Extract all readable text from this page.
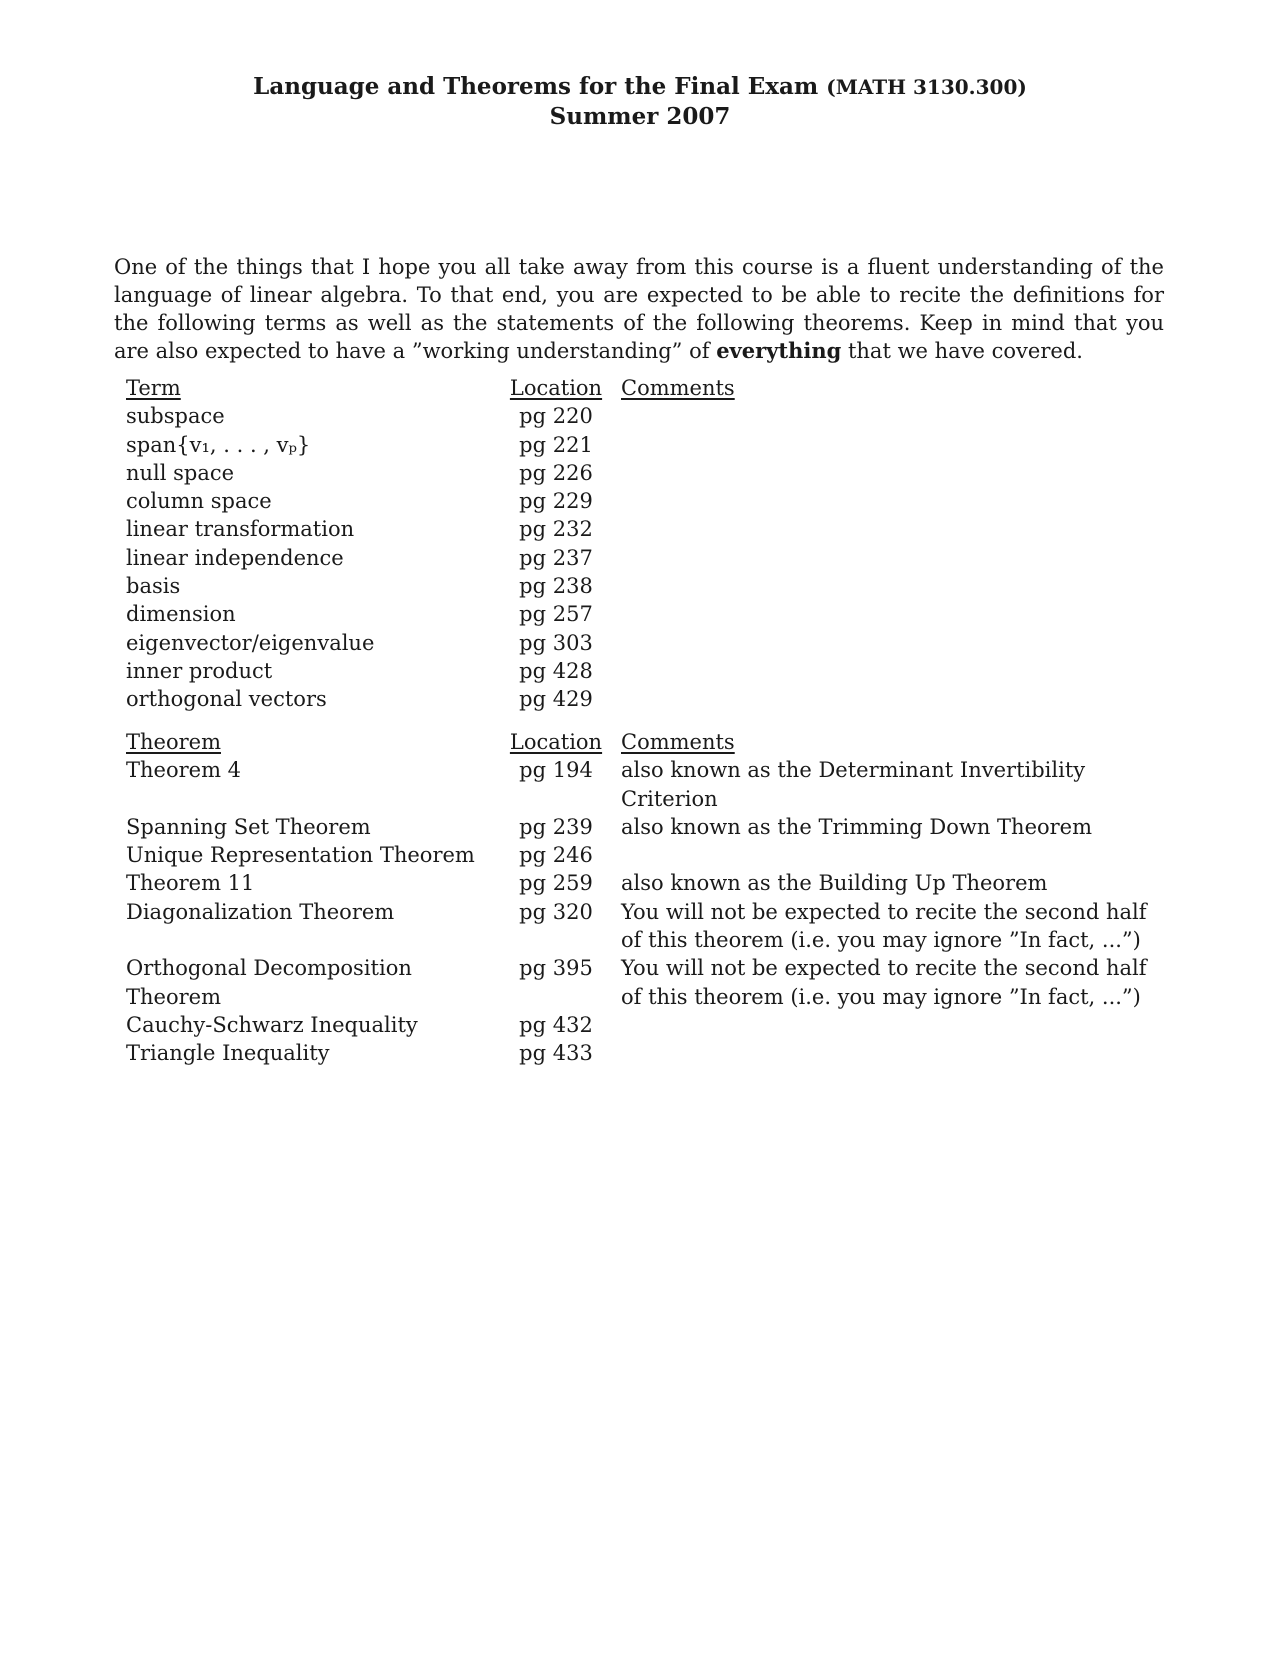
Language and Theorems for the Final Exam (MATH 3130.300)
Summer 2007

One of the things that I hope you all take away from this course is a fluent understanding of the language of linear algebra. To that end, you are expected to be able to recite the definitions for the following terms as well as the statements of the following theorems. Keep in mind that you are also expected to have a ”working understanding” of everything that we have covered.

Term	Location	Comments
subspace	pg 220	
span{v₁, . . . , vₚ}	pg 221	
null space	pg 226	
column space	pg 229	
linear transformation	pg 232	
linear independence	pg 237	
basis	pg 238	
dimension	pg 257	
eigenvector/eigenvalue	pg 303	
inner product	pg 428	
orthogonal vectors	pg 429	
Theorem	Location	Comments
Theorem 4	pg 194	also known as the Determinant Invertibility Criterion
Spanning Set Theorem	pg 239	also known as the Trimming Down Theorem
Unique Representation Theorem	pg 246	
Theorem 11	pg 259	also known as the Building Up Theorem
Diagonalization Theorem	pg 320	You will not be expected to recite the second half of this theorem (i.e. you may ignore ”In fact, ...”)
Orthogonal Decomposition Theorem	pg 395	You will not be expected to recite the second half of this theorem (i.e. you may ignore ”In fact, ...”)
Cauchy-Schwarz Inequality	pg 432	
Triangle Inequality	pg 433	
